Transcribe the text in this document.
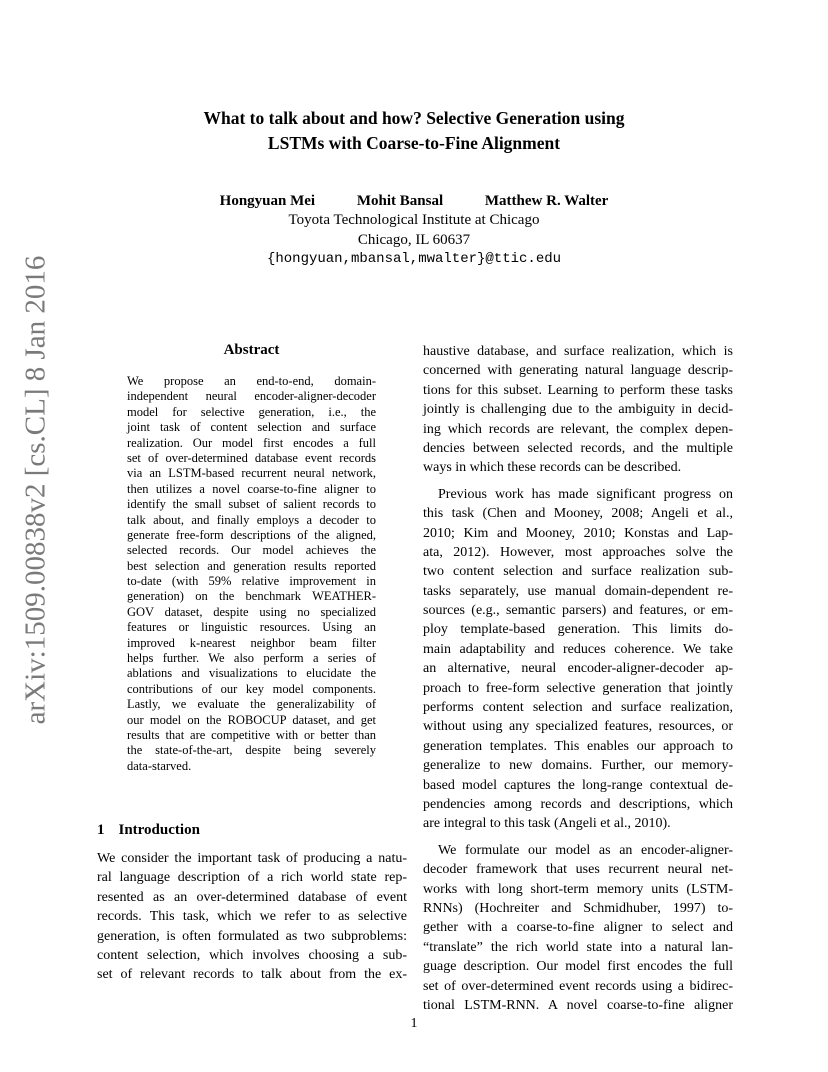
What to talk about and how? Selective Generation using
LSTMs with Coarse-to-Fine Alignment
Hongyuan Mei	Mohit Bansal	Matthew R. Walter
Toyota Technological Institute at Chicago
Chicago, IL 60637
{hongyuan,mbansal,mwalter}@ttic.edu
arXiv:1509.00838v2 [cs.CL] 8 Jan 2016	Abstract
We propose an end-to-end, domain-
independent neural encoder-aligner-decoder
model for selective generation, i.e., the
joint task of content selection and surface
realization. Our model first encodes a full
set of over-determined database event records
via an LSTM-based recurrent neural network,
then utilizes a novel coarse-to-fine aligner to
identify the small subset of salient records to
talk about, and finally employs a decoder to
generate free-form descriptions of the aligned,
selected records. Our model achieves the
best selection and generation results reported
to-date (with 59% relative improvement in
generation) on the benchmark WEATHER-
GOV dataset, despite using no specialized
features or linguistic resources. Using an
improved k-nearest neighbor beam filter
helps further. We also perform a series of
ablations and visualizations to elucidate the
contributions of our key model components.
Lastly, we evaluate the generalizability of
our model on the ROBOCUP dataset, and get
results that are competitive with or better than
the state-of-the-art, despite being severely
data-starved.
1 Introduction
We consider the important task of producing a natu-
ral language description of a rich world state rep-
resented as an over-determined database of event
records. This task, which we refer to as selective
generation, is often formulated as two subproblems:
content selection, which involves choosing a sub-
set of relevant records to talk about from the ex-
haustive database, and surface realization, which is
concerned with generating natural language descrip-
tions for this subset. Learning to perform these tasks
jointly is challenging due to the ambiguity in decid-
ing which records are relevant, the complex depen-
dencies between selected records, and the multiple
ways in which these records can be described.
Previous work has made significant progress on
this task (Chen and Mooney, 2008; Angeli et al.,
2010; Kim and Mooney, 2010; Konstas and Lap-
ata, 2012). However, most approaches solve the
two content selection and surface realization sub-
tasks separately, use manual domain-dependent re-
sources (e.g., semantic parsers) and features, or em-
ploy template-based generation. This limits do-
main adaptability and reduces coherence. We take
an alternative, neural encoder-aligner-decoder ap-
proach to free-form selective generation that jointly
performs content selection and surface realization,
without using any specialized features, resources, or
generation templates. This enables our approach to
generalize to new domains. Further, our memory-
based model captures the long-range contextual de-
pendencies among records and descriptions, which
are integral to this task (Angeli et al., 2010).
We formulate our model as an encoder-aligner-
decoder framework that uses recurrent neural net-
works with long short-term memory units (LSTM-
RNNs) (Hochreiter and Schmidhuber, 1997) to-
gether with a coarse-to-fine aligner to select and
“translate” the rich world state into a natural lan-
guage description. Our model first encodes the full
set of over-determined event records using a bidirec-
tional LSTM-RNN. A novel coarse-to-fine aligner
1
